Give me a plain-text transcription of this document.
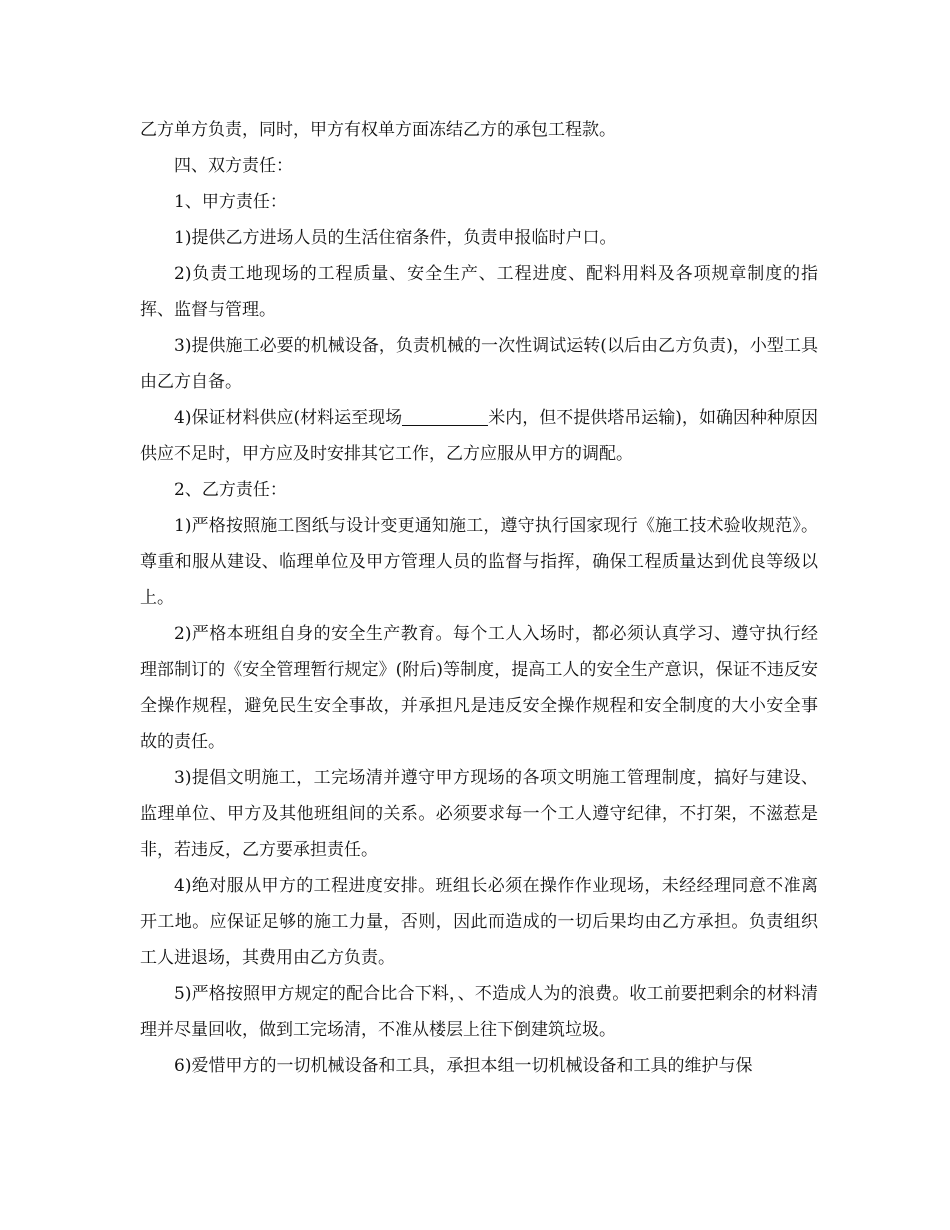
乙方单方负责，同时，甲方有权单方面冻结乙方的承包工程款。

四、双方责任：

1、甲方责任：

1)提供乙方进场人员的生活住宿条件，负责申报临时户口。

2)负责工地现场的工程质量、安全生产、工程进度、配料用料及各项规章制度的指挥、监督与管理。

3)提供施工必要的机械设备，负责机械的一次性调试运转(以后由乙方负责)，小型工具由乙方自备。

4)保证材料供应(材料运至现场	米内，但不提供塔吊运输)，如确因种种原因供应不足时，甲方应及时安排其它工作，乙方应服从甲方的调配。

2、乙方责任：

1)严格按照施工图纸与设计变更通知施工，遵守执行国家现行《施工技术验收规范》。尊重和服从建设、临理单位及甲方管理人员的监督与指挥，确保工程质量达到优良等级以上。

2)严格本班组自身的安全生产教育。每个工人入场时，都必须认真学习、遵守执行经理部制订的《安全管理暂行规定》(附后)等制度，提高工人的安全生产意识，保证不违反安全操作规程，避免民生安全事故，并承担凡是违反安全操作规程和安全制度的大小安全事故的责任。

3)提倡文明施工，工完场清并遵守甲方现场的各项文明施工管理制度，搞好与建设、监理单位、甲方及其他班组间的关系。必须要求每一个工人遵守纪律，不打架，不滋惹是非，若违反，乙方要承担责任。

4)绝对服从甲方的工程进度安排。班组长必须在操作作业现场，未经经理同意不准离开工地。应保证足够的施工力量，否则，因此而造成的一切后果均由乙方承担。负责组织工人进退场，其费用由乙方负责。

5)严格按照甲方规定的配合比合下料，、不造成人为的浪费。收工前要把剩余的材料清理并尽量回收，做到工完场清，不准从楼层上往下倒建筑垃圾。

6)爱惜甲方的一切机械设备和工具，承担本组一切机械设备和工具的维护与保
